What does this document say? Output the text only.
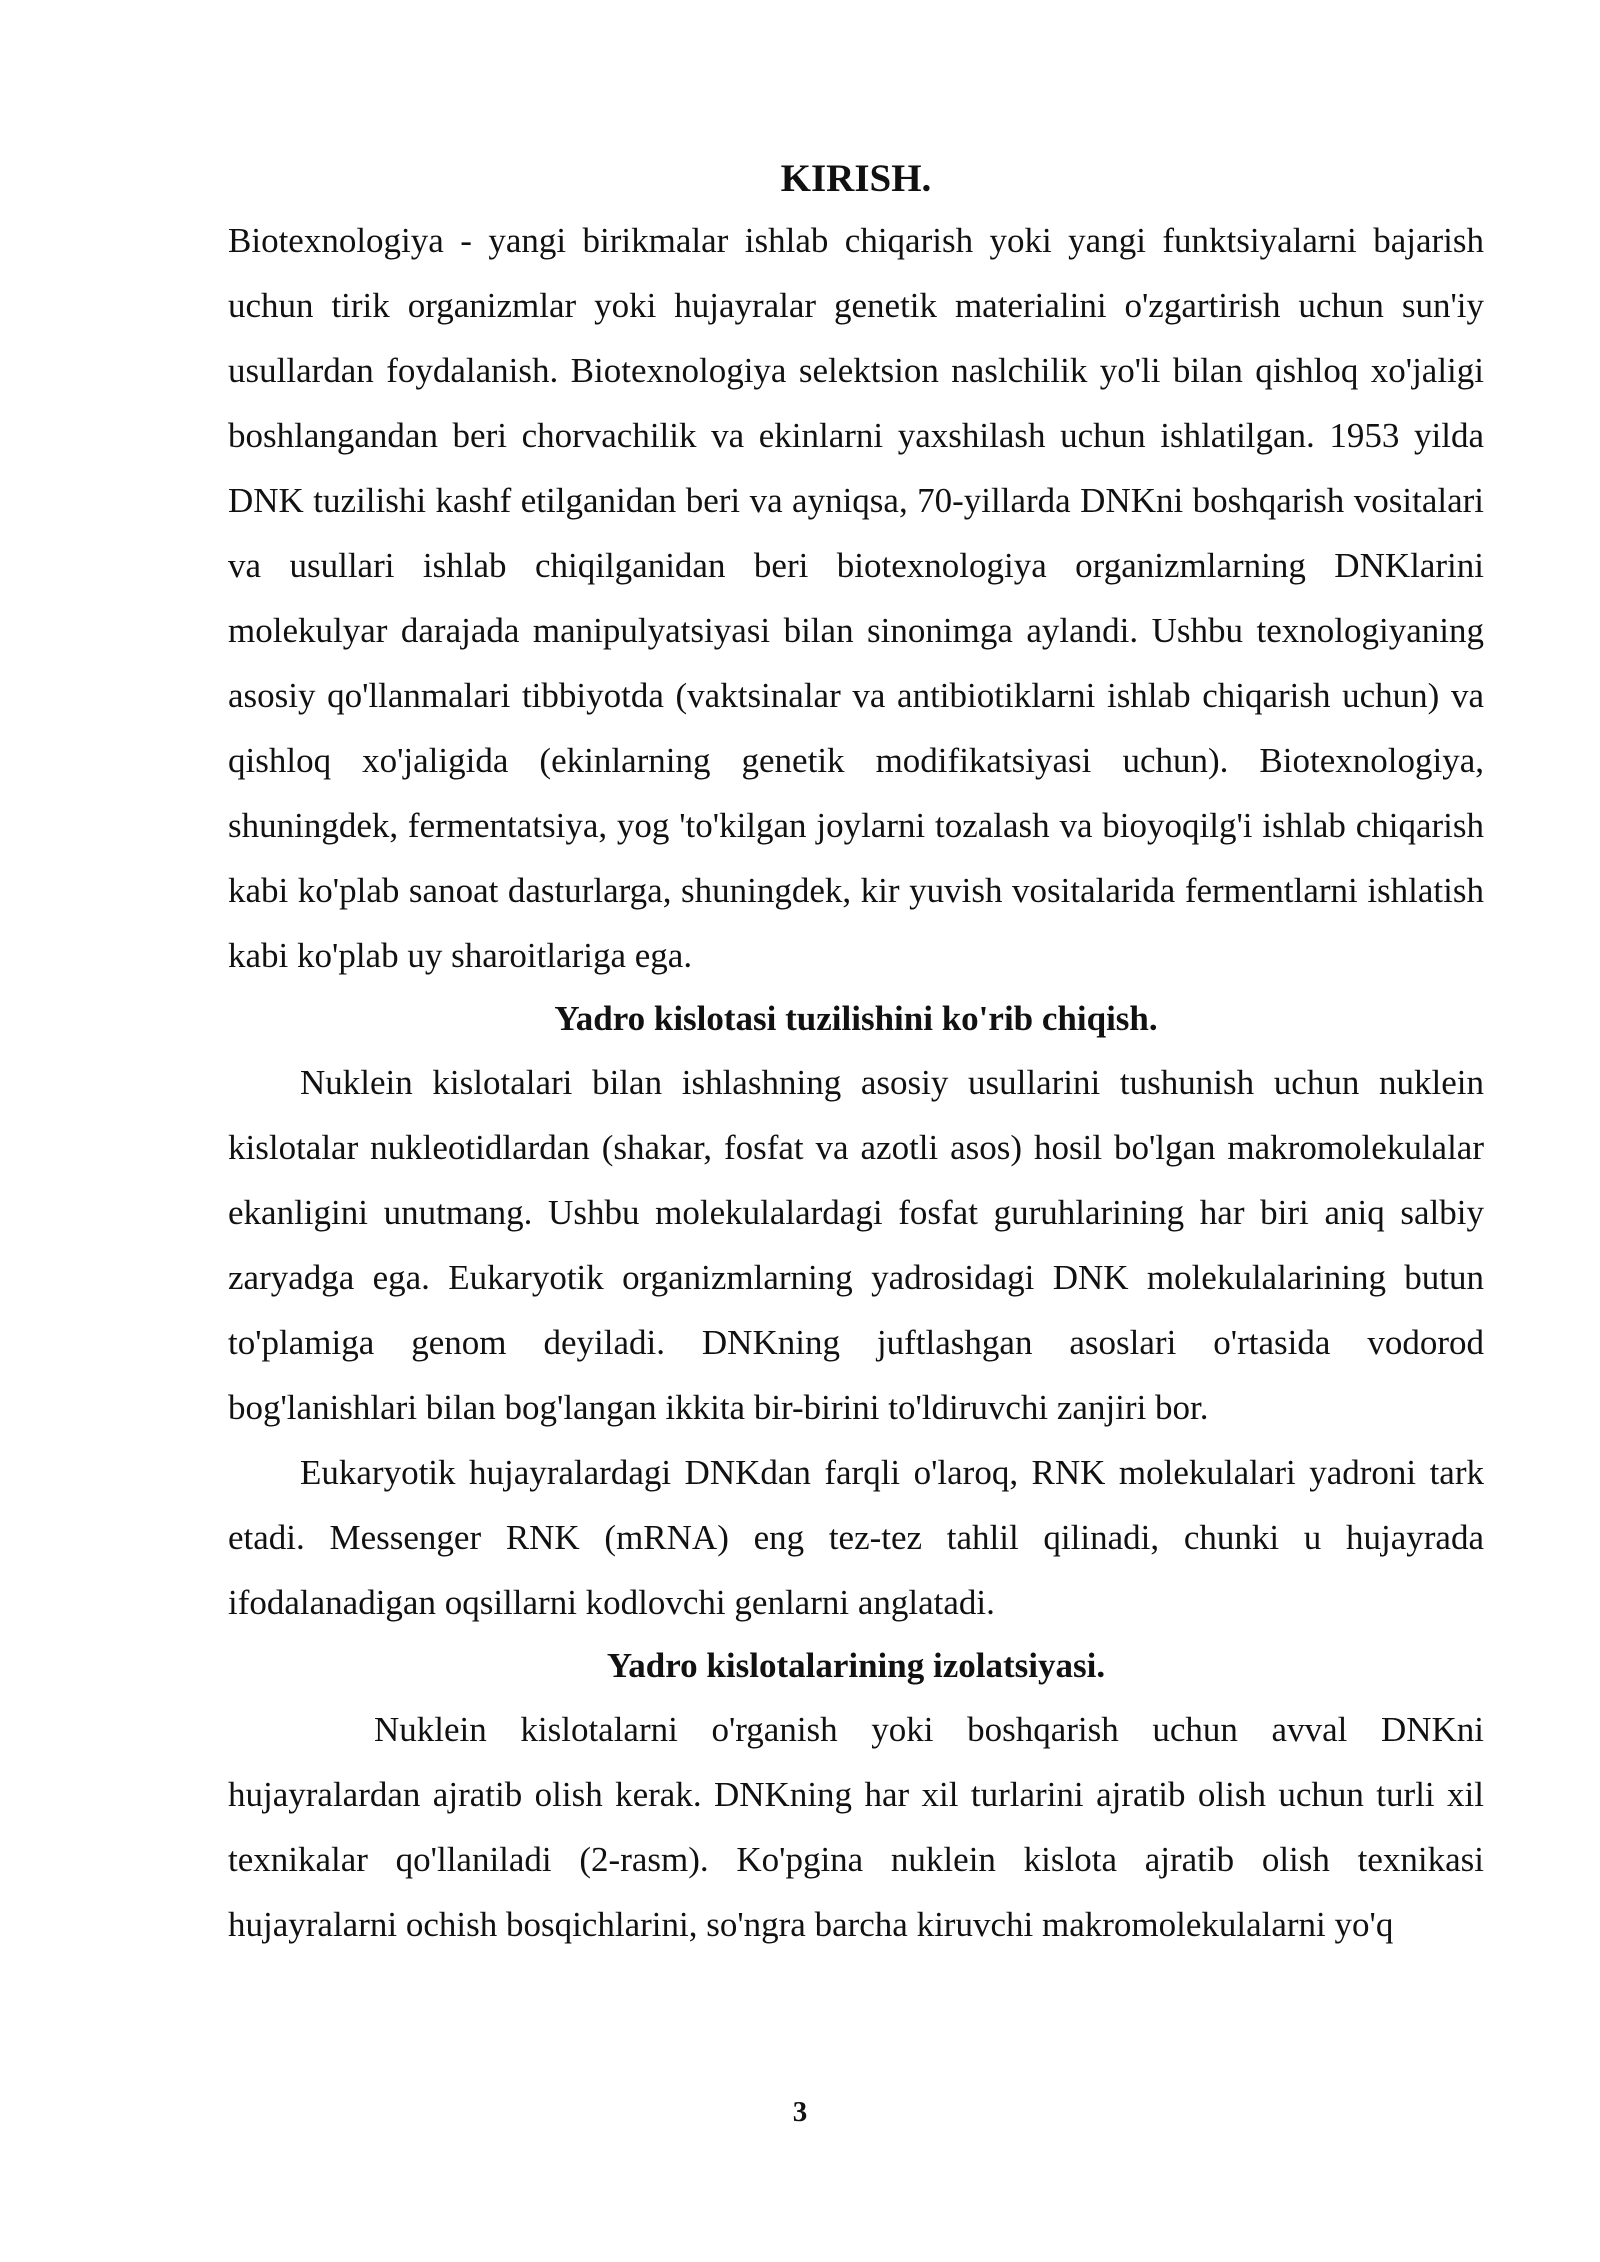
KIRISH.

Biotexnologiya - yangi birikmalar ishlab chiqarish yoki yangi funktsiyalarni bajarish uchun tirik organizmlar yoki hujayralar genetik materialini o'zgartirish uchun sun'iy usullardan foydalanish. Biotexnologiya selektsion naslchilik yo'li bilan qishloq xo'jaligi boshlangandan beri chorvachilik va ekinlarni yaxshilash uchun ishlatilgan. 1953 yilda DNK tuzilishi kashf etilganidan beri va ayniqsa, 70-yillarda DNKni boshqarish vositalari va usullari ishlab chiqilganidan beri biotexnologiya organizmlarning DNKlarini molekulyar darajada manipulyatsiyasi bilan sinonimga aylandi. Ushbu texnologiyaning asosiy qo'llanmalari tibbiyotda (vaktsinalar va antibiotiklarni ishlab chiqarish uchun) va qishloq xo'jaligida (ekinlarning genetik modifikatsiyasi uchun). Biotexnologiya, shuningdek, fermentatsiya, yog 'to'kilgan joylarni tozalash va bioyoqilg'i ishlab chiqarish kabi ko'plab sanoat dasturlarga, shuningdek, kir yuvish vositalarida fermentlarni ishlatish kabi ko'plab uy sharoitlariga ega.

Yadro kislotasi tuzilishini ko'rib chiqish.

Nuklein kislotalari bilan ishlashning asosiy usullarini tushunish uchun nuklein kislotalar nukleotidlardan (shakar, fosfat va azotli asos) hosil bo'lgan makromolekulalar ekanligini unutmang. Ushbu molekulalardagi fosfat guruhlarining har biri aniq salbiy zaryadga ega. Eukaryotik organizmlarning yadrosidagi DNK molekulalarining butun to'plamiga genom deyiladi. DNKning juftlashgan asoslari o'rtasida vodorod bog'lanishlari bilan bog'langan ikkita bir-birini to'ldiruvchi zanjiri bor.

Eukaryotik hujayralardagi DNKdan farqli o'laroq, RNK molekulalari yadroni tark etadi. Messenger RNK (mRNA) eng tez-tez tahlil qilinadi, chunki u hujayrada ifodalanadigan oqsillarni kodlovchi genlarni anglatadi.

Yadro kislotalarining izolatsiyasi.

Nuklein kislotalarni o'rganish yoki boshqarish uchun avval DNKni hujayralardan ajratib olish kerak. DNKning har xil turlarini ajratib olish uchun turli xil texnikalar qo'llaniladi (2-rasm). Ko'pgina nuklein kislota ajratib olish texnikasi hujayralarni ochish bosqichlarini, so'ngra barcha kiruvchi makromolekulalarni yo'q

3
